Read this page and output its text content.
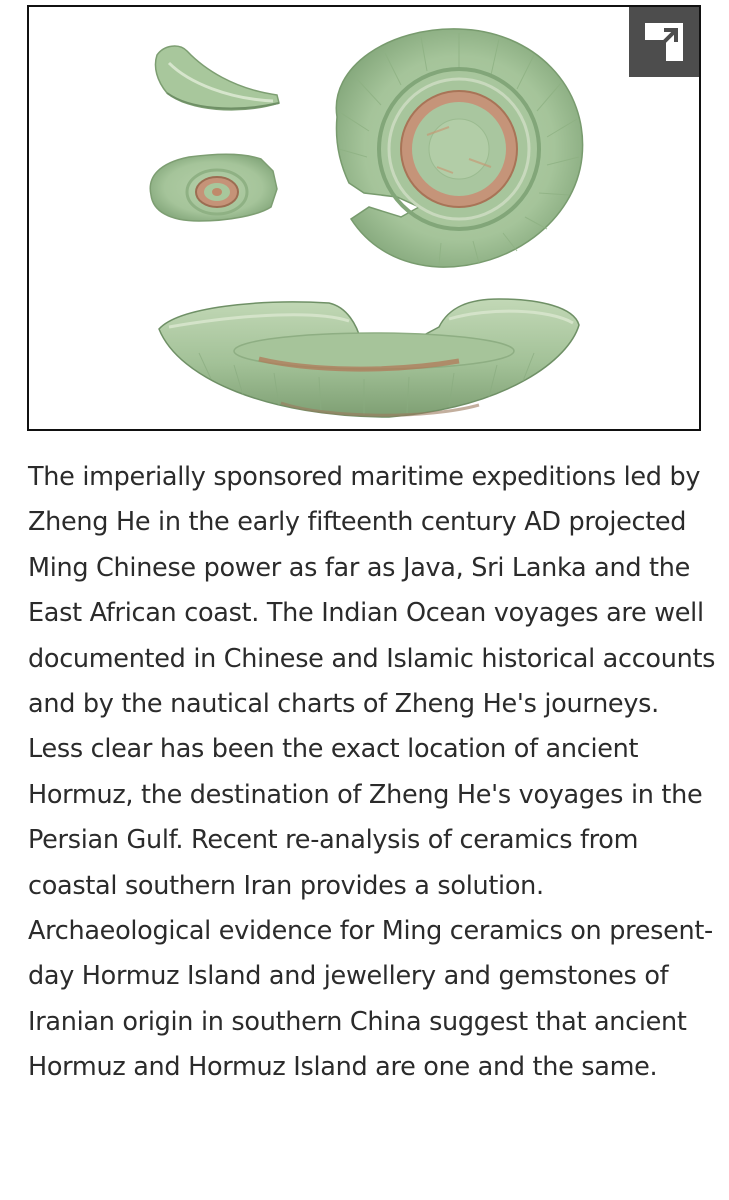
The imperially sponsored maritime expeditions led by Zheng He in the early fifteenth century AD projected Ming Chinese power as far as Java, Sri Lanka and the East African coast. The Indian Ocean voyages are well documented in Chinese and Islamic historical accounts and by the nautical charts of Zheng He's journeys. Less clear has been the exact location of ancient Hormuz, the destination of Zheng He's voyages in the Persian Gulf. Recent re-analysis of ceramics from coastal southern Iran provides a solution. Archaeological evidence for Ming ceramics on present-day Hormuz Island and jewellery and gemstones of Iranian origin in southern China suggest that ancient Hormuz and Hormuz Island are one and the same.
